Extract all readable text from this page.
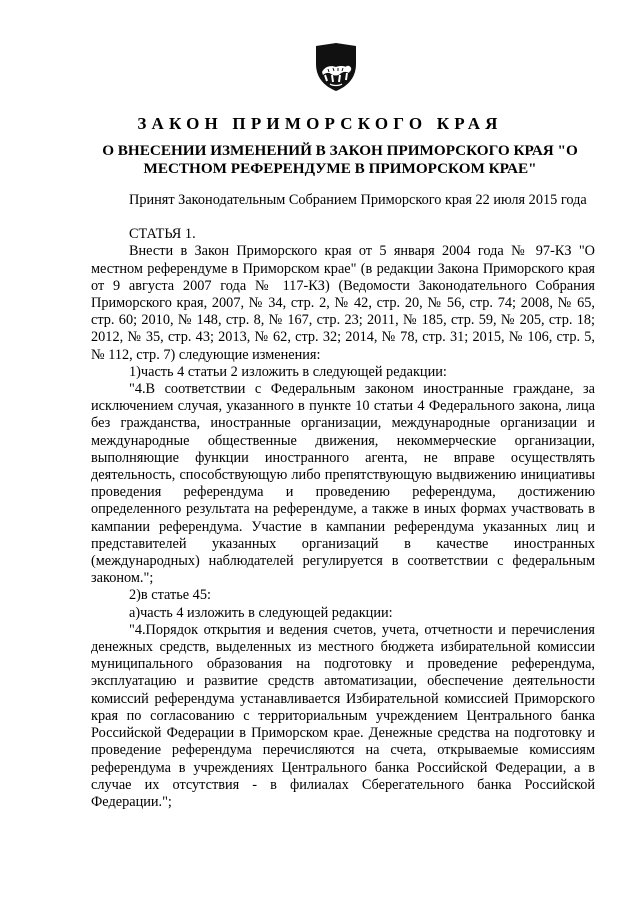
ЗАКОН ПРИМОРСКОГО КРАЯ
О ВНЕСЕНИИ ИЗМЕНЕНИЙ В ЗАКОН ПРИМОРСКОГО КРАЯ "О МЕСТНОМ РЕФЕРЕНДУМЕ В ПРИМОРСКОМ КРАЕ"

Принят Законодательным Собранием Приморского края 22 июля 2015 года

СТАТЬЯ 1.

Внести в Закон Приморского края от 5 января 2004 года № 97-КЗ "О местном референдуме в Приморском крае" (в редакции Закона Приморского края от 9 августа 2007 года № 117-КЗ) (Ведомости Законодательного Собрания Приморского края, 2007, № 34, стр. 2, № 42, стр. 20, № 56, стр. 74; 2008, № 65, стр. 60; 2010, № 148, стр. 8, № 167, стр. 23; 2011, № 185, стр. 59, № 205, стр. 18; 2012, № 35, стр. 43; 2013, № 62, стр. 32; 2014, № 78, стр. 31; 2015, № 106, стр. 5, № 112, стр. 7) следующие изменения:

1)часть 4 статьи 2 изложить в следующей редакции:

"4.В соответствии с Федеральным законом иностранные граждане, за исключением случая, указанного в пункте 10 статьи 4 Федерального закона, лица без гражданства, иностранные организации, международные организации и международные общественные движения, некоммерческие организации, выполняющие функции иностранного агента, не вправе осуществлять деятельность, способствующую либо препятствующую выдвижению инициативы проведения референдума и проведению референдума, достижению определенного результата на референдуме, а также в иных формах участвовать в кампании референдума. Участие в кампании референдума указанных лиц и представителей указанных организаций в качестве иностранных (международных) наблюдателей регулируется в соответствии с федеральным законом.";

2)в статье 45:

а)часть 4 изложить в следующей редакции:

"4.Порядок открытия и ведения счетов, учета, отчетности и перечисления денежных средств, выделенных из местного бюджета избирательной комиссии муниципального образования на подготовку и проведение референдума, эксплуатацию и развитие средств автоматизации, обеспечение деятельности комиссий референдума устанавливается Избирательной комиссией Приморского края по согласованию с территориальным учреждением Центрального банка Российской Федерации в Приморском крае. Денежные средства на подготовку и проведение референдума перечисляются на счета, открываемые комиссиям референдума в учреждениях Центрального банка Российской Федерации, а в случае их отсутствия - в филиалах Сберегательного банка Российской Федерации.";
